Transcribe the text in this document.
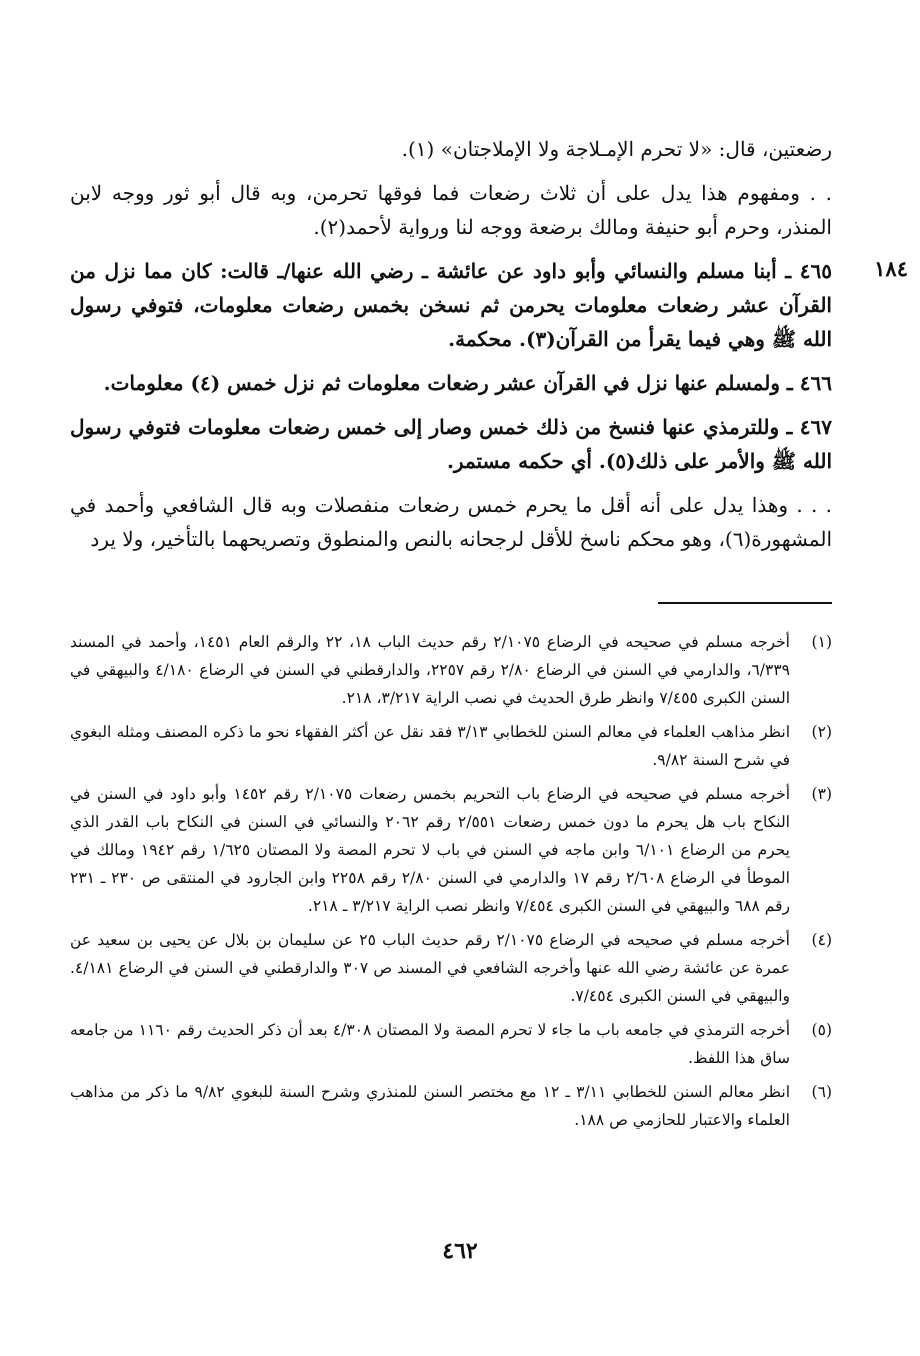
١٨٤

رضعتين، قال: «لا تحرم الإمـلاجة ولا الإملاجتان» (١).

. . ومفهوم هذا يدل على أن ثلاث رضعات فما فوقها تحرمن، وبه قال أبو ثور ووجه لابن المنذر، وحرم أبو حنيفة ومالك برضعة ووجه لنا ورواية لأحمد(٢).

٤٦٥ ـ أبنا مسلم والنسائي وأبو داود عن عائشة ـ رضي الله عنها/ـ قالت: كان مما نزل من القرآن عشر رضعات معلومات يحرمن ثم نسخن بخمس رضعات معلومات، فتوفي رسول الله ﷺ وهي فيما يقرأ من القرآن(٣). محكمة.

٤٦٦ ـ ولمسلم عنها نزل في القرآن عشر رضعات معلومات ثم نزل خمس (٤) معلومات.

٤٦٧ ـ وللترمذي عنها فنسخ من ذلك خمس وصار إلى خمس رضعات معلومات فتوفي رسول الله ﷺ والأمر على ذلك(٥). أي حكمه مستمر.

. . . وهذا يدل على أنه أقل ما يحرم خمس رضعات منفصلات وبه قال الشافعي وأحمد في المشهورة(٦)، وهو محكم ناسخ للأقل لرجحانه بالنص والمنطوق وتصريحهما بالتأخير، ولا يرد

(١)
أخرجه مسلم في صحيحه في الرضاع ٢/١٠٧٥ رقم حديث الباب ١٨، ٢٢ والرقم العام ١٤٥١، وأحمد في المسند ٦/٣٣٩، والدارمي في السنن في الرضاع ٢/٨٠ رقم ٢٢٥٧، والدارقطني في السنن في الرضاع ٤/١٨٠ والبيهقي في السنن الكبرى ٧/٤٥٥ وانظر طرق الحديث في نصب الراية ٣/٢١٧، ٢١٨.
(٢)
انظر مذاهب العلماء في معالم السنن للخطابي ٣/١٣ فقد نقل عن أكثر الفقهاء نحو ما ذكره المصنف ومثله البغوي في شرح السنة ٩/٨٢.
(٣)
أخرجه مسلم في صحيحه في الرضاع باب التحريم بخمس رضعات ٢/١٠٧٥ رقم ١٤٥٢ وأبو داود في السنن في النكاح باب هل يحرم ما دون خمس رضعات ٢/٥٥١ رقم ٢٠٦٢ والنسائي في السنن في النكاح باب القدر الذي يحرم من الرضاع ٦/١٠١ وابن ماجه في السنن في باب لا تحرم المصة ولا المصتان ١/٦٢٥ رقم ١٩٤٢ ومالك في الموطأ في الرضاع ٢/٦٠٨ رقم ١٧ والدارمي في السنن ٢/٨٠ رقم ٢٢٥٨ وابن الجارود في المنتقى ص ٢٣٠ ـ ٢٣١ رقم ٦٨٨ والبيهقي في السنن الكبرى ٧/٤٥٤ وانظر نصب الراية ٣/٢١٧ ـ ٢١٨.
(٤)
أخرجه مسلم في صحيحه في الرضاع ٢/١٠٧٥ رقم حديث الباب ٢٥ عن سليمان بن بلال عن يحيى بن سعيد عن عمرة عن عائشة رضي الله عنها وأخرجه الشافعي في المسند ص ٣٠٧ والدارقطني في السنن في الرضاع ٤/١٨١. والبيهقي في السنن الكبرى ٧/٤٥٤.
(٥)
أخرجه الترمذي في جامعه باب ما جاء لا تحرم المصة ولا المصتان ٤/٣٠٨ بعد أن ذكر الحديث رقم ١١٦٠ من جامعه ساق هذا اللفظ.
(٦)
انظر معالم السنن للخطابي ٣/١١ ـ ١٢ مع مختصر السنن للمنذري وشرح السنة للبغوي ٩/٨٢ ما ذكر من مذاهب العلماء والاعتبار للحازمي ص ١٨٨.
٤٦٢
